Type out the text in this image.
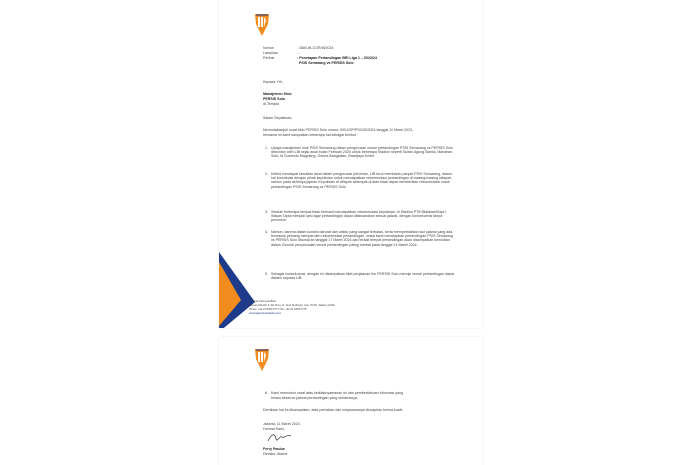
Nomor	: 358/LIB-COR/III/2024
Lampiran	: -
Perihal	: Penetapan Pertandingan BRI Liga 1 – 2023/24
PSIS Semarang vs PERSIS Solo
Kepada Yth.,
Manajemen Klub
PERSIS Solo
di-Tempat
Salam Sepakbola,
Menindaklanjuti surat klub PERSIS Solo nomor: 0001/SP/PSO/III/2024 tanggal 11 Maret 2023,
bersama ini kami sampaikan beberapa hal sebagai berikut :
1. Upaya manajemen klub PSIS Semarang dalam pengurusan venue pertandingan PSIS Semarang vs PERSIS Solo dimonitor oleh LIB sejak awal bulan Februari 2024 untuk beberapa Stadion seperti Sultan Agung Bantul, Manahan Solo, M Soebroto Magelang, Gelora Bangkalan, Brawijaya Kediri.
2. Ketika mendapat kesulitan awal dalam pengurusan perizinan, LIB turut membantu panpel PSIS Semarang, dalam hal koordinasi dengan pihak kepolisian untuk mendapatkan rekomendasi pertandingan di masing-masing wilayah, namun pada akhirnya jajaran Kepolisian di wilayah setempat di atas tidak dapat memberikan rekomendasi untuk pertandingan PSIS Semarang vs PERSIS Solo.
3. Setelah beberapa tempat tidak berhasil mendapatkan rekomendasi kepolisian, di Stadion PTIK/Batakan/Kapt I Wayan Dipta menjadi opsi agar pertandingan dapat dilaksanakan sesuai jadwal, dengan konsekuensi tanpa penonton.
4. Namun, karena dalam kondisi darurat dan waktu yang sangat terbatas, serta memperhatikan slot jadwal yang ada, termasuk peluang memperoleh rekomendasi pertandingan, maka kami menetapkan pertandingan PSIS Semarang vs PERSIS Solo ditunda ke tanggal 17 Maret 2024 dan terkait tempat pertandingan akan disampaikan kemudian dalam Circular penyesuaian venue pertandingan paling lambat pada tanggal 14 Maret 2024.
5. Sebagai konsekuensi, dengan ini disampaikan tiket perjalanan tim PERSIS Solo menuju venue pertandingan dapat diklaim kepada LIB.
PT Liga Indonesia Baru
Menara Mandiri II, 9th Floor, Jl. Jend Sudirman, Kav. 54-55, Jakarta 12190
Phone: +62 21 5269 0777 Fax: +62 21 5269 0778
www.ligaindonesiabaru.com
6. Kami memohon maaf atas ketidaknyamanan ini dan pemberitahuan informasi yang
terlalu dekat ke jadwal pertandingan yang seharusnya.
Demikian hal ini disampaikan, atas perhatian dan kerjasamanya diucapkan terima kasih.
Jakarta, 11 Maret 2024
Hormat Kami,
Ferry Paulus
Direktur Utama
